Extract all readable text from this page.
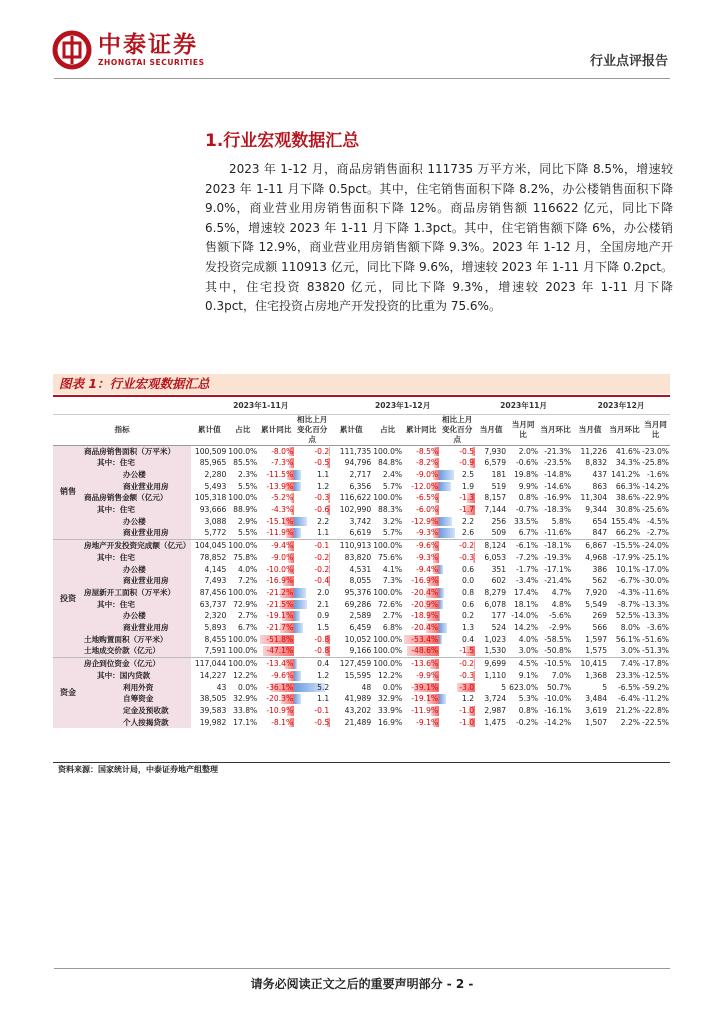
中泰证券
ZHONGTAI SECURITIES	行业点评报告
1.行业宏观数据汇总
2023 年 1-12 月，商品房销售面积 111735 万平方米，同比下降 8.5%，增速较 2023 年 1-11 月下降 0.5pct。其中，住宅销售面积下降 8.2%，办公楼销售面积下降 9.0%，商业营业用房销售面积下降 12%。商品房销售额 116622 亿元，同比下降 6.5%，增速较 2023 年 1-11 月下降 1.3pct。其中，住宅销售额下降 6%，办公楼销售额下降 12.9%，商业营业用房销售额下降 9.3%。2023 年 1-12 月，全国房地产开发投资完成额 110913 亿元，同比下降 9.6%，增速较 2023 年 1-11 月下降 0.2pct。其中，住宅投资 83820 亿元，同比下降 9.3%，增速较 2023 年 1-11 月下降 0.3pct，住宅投资占房地产开发投资的比重为 75.6%。
图表 1：行业宏观数据汇总
		2023年1-11月				2023年1-12月				2023年11月			2023年12月		
指标		累计值	占比	累计同比	相比上月变化百分点	累计值	占比	累计同比	相比上月变化百分点	当月值	当月同比	当月环比	当月值	当月环比	当月同比
销售	商品房销售面积（万平米）	100,509	100.0%	-8.0%	-0.2	111,735	100.0%	-8.5%	-0.5	7,930	2.0%	-21.3%	11,226	41.6%	-23.0%
	其中：住宅	85,965	85.5%	-7.3%	-0.5	94,796	84.8%	-8.2%	-0.9	6,579	-0.6%	-23.5%	8,832	34.3%	-25.8%
	办公楼	2,280	2.3%	-11.5%	1.1	2,717	2.4%	-9.0%	2.5	181	19.8%	-14.8%	437	141.2%	-1.6%
	商业营业用房	5,493	5.5%	-13.9%	1.2	6,356	5.7%	-12.0%	1.9	519	9.9%	-14.6%	863	66.3%	-14.2%
	商品房销售金额（亿元）	105,318	100.0%	-5.2%	-0.3	116,622	100.0%	-6.5%	-1.3	8,157	0.8%	-16.9%	11,304	38.6%	-22.9%
	其中：住宅	93,666	88.9%	-4.3%	-0.6	102,990	88.3%	-6.0%	-1.7	7,144	-0.7%	-18.3%	9,344	30.8%	-25.6%
	办公楼	3,088	2.9%	-15.1%	2.2	3,742	3.2%	-12.9%	2.2	256	33.5%	5.8%	654	155.4%	-4.5%
	商业营业用房	5,772	5.5%	-11.9%	1.1	6,619	5.7%	-9.3%	2.6	509	6.7%	-11.6%	847	66.2%	-2.7%
投资	房地产开发投资完成额（亿元）	104,045	100.0%	-9.4%	-0.1	110,913	100.0%	-9.6%	-0.2	8,124	-6.1%	-18.1%	6,867	-15.5%	-24.0%
	其中：住宅	78,852	75.8%	-9.0%	-0.2	83,820	75.6%	-9.3%	-0.3	6,053	-7.2%	-19.3%	4,968	-17.9%	-25.1%
	办公楼	4,145	4.0%	-10.0%	-0.2	4,531	4.1%	-9.4%	0.6	351	-1.7%	-17.1%	386	10.1%	-17.0%
	商业营业用房	7,493	7.2%	-16.9%	-0.4	8,055	7.3%	-16.9%	0.0	602	-3.4%	-21.4%	562	-6.7%	-30.0%
	房屋新开工面积（万平米）	87,456	100.0%	-21.2%	2.0	95,376	100.0%	-20.4%	0.8	8,279	17.4%	4.7%	7,920	-4.3%	-11.6%
	其中：住宅	63,737	72.9%	-21.5%	2.1	69,286	72.6%	-20.9%	0.6	6,078	18.1%	4.8%	5,549	-8.7%	-13.3%
	办公楼	2,320	2.7%	-19.1%	0.9	2,589	2.7%	-18.9%	0.2	177	-14.0%	-5.6%	269	52.5%	-13.3%
	商业营业用房	5,893	6.7%	-21.7%	1.5	6,459	6.8%	-20.4%	1.3	524	14.2%	-2.9%	566	8.0%	-3.6%
	土地购置面积（万平米）	8,455	100.0%	-51.8%	-0.8	10,052	100.0%	-53.4%	0.4	1,023	4.0%	-58.5%	1,597	56.1%	-51.6%
	土地成交价款（亿元）	7,591	100.0%	-47.1%	-0.8	9,166	100.0%	-48.6%	-1.5	1,530	3.0%	-50.8%	1,575	3.0%	-51.3%
资金	房企到位资金（亿元）	117,044	100.0%	-13.4%	0.4	127,459	100.0%	-13.6%	-0.2	9,699	4.5%	-10.5%	10,415	7.4%	-17.8%
	其中：国内贷款	14,227	12.2%	-9.6%	1.2	15,595	12.2%	-9.9%	-0.3	1,110	9.1%	7.0%	1,368	23.3%	-12.5%
	利用外资	43	0.0%	-36.1%	5.2	48	0.0%	-39.1%	-3.0	5	623.0%	50.7%	5	-6.5%	-59.2%
	自筹资金	38,505	32.9%	-20.3%	1.1	41,989	32.9%	-19.1%	1.2	3,724	5.3%	-10.0%	3,484	-6.4%	-11.2%
	定金及预收款	39,583	33.8%	-10.9%	-0.1	43,202	33.9%	-11.9%	-1.0	2,987	0.8%	-16.1%	3,619	21.2%	-22.8%
	个人按揭贷款	19,982	17.1%	-8.1%	-0.5	21,489	16.9%	-9.1%	-1.0	1,475	-0.2%	-14.2%	1,507	2.2%	-22.5%
资料来源：国家统计局，中泰证券地产组整理
请务必阅读正文之后的重要声明部分 - 2 -
